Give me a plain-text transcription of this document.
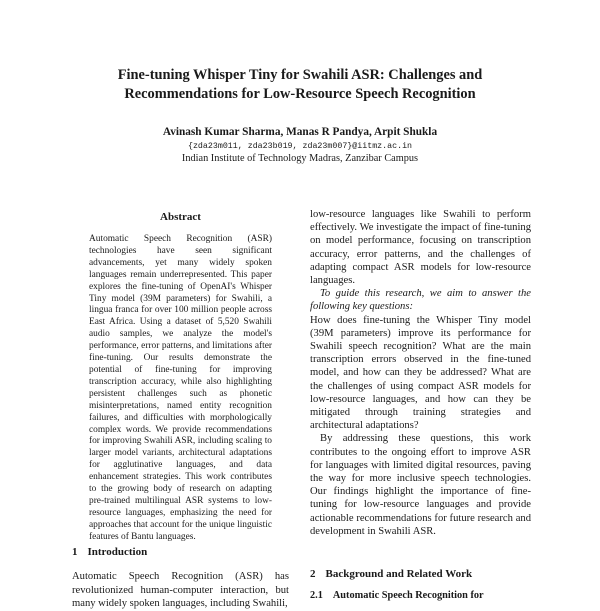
Fine-tuning Whisper Tiny for Swahili ASR: Challenges and
Recommendations for Low-Resource Speech Recognition
Avinash Kumar Sharma, Manas R Pandya, Arpit Shukla
{zda23m011, zda23b019, zda23m007}@iitmz.ac.in
Indian Institute of Technology Madras, Zanzibar Campus
Abstract

Automatic Speech Recognition (ASR) technologies have seen significant advancements, yet many widely spoken languages remain underrepresented. This paper explores the fine-tuning of OpenAI's Whisper Tiny model (39M parameters) for Swahili, a lingua franca for over 100 million people across East Africa. Using a dataset of 5,520 Swahili audio samples, we analyze the model's performance, error patterns, and limitations after fine-tuning. Our results demonstrate the potential of fine-tuning for improving transcription accuracy, while also highlighting persistent challenges such as phonetic misinterpretations, named entity recognition failures, and difficulties with morphologically complex words. We provide recommendations for improving Swahili ASR, including scaling to larger model variants, architectural adaptations for agglutinative languages, and data enhancement strategies. This work contributes to the growing body of research on adapting pre-trained multilingual ASR systems to low-resource languages, emphasizing the need for approaches that account for the unique linguistic features of Bantu languages.

1 Introduction
Automatic Speech Recognition (ASR) has revolutionized human-computer interaction, but many widely spoken languages, including Swahili,

low-resource languages like Swahili to perform effectively. We investigate the impact of fine-tuning on model performance, focusing on transcription accuracy, error patterns, and the challenges of adapting compact ASR models for low-resource languages.

To guide this research, we aim to answer the following key questions:

How does fine-tuning the Whisper Tiny model (39M parameters) improve its performance for Swahili speech recognition? What are the main transcription errors observed in the fine-tuned model, and how can they be addressed? What are the challenges of using compact ASR models for low-resource languages, and how can they be mitigated through training strategies and architectural adaptations?

By addressing these questions, this work contributes to the ongoing effort to improve ASR for languages with limited digital resources, paving the way for more inclusive speech technologies. Our findings highlight the importance of fine-tuning for low-resource languages and provide actionable recommendations for future research and development in Swahili ASR.

2 Background and Related Work
2.1 Automatic Speech Recognition for
